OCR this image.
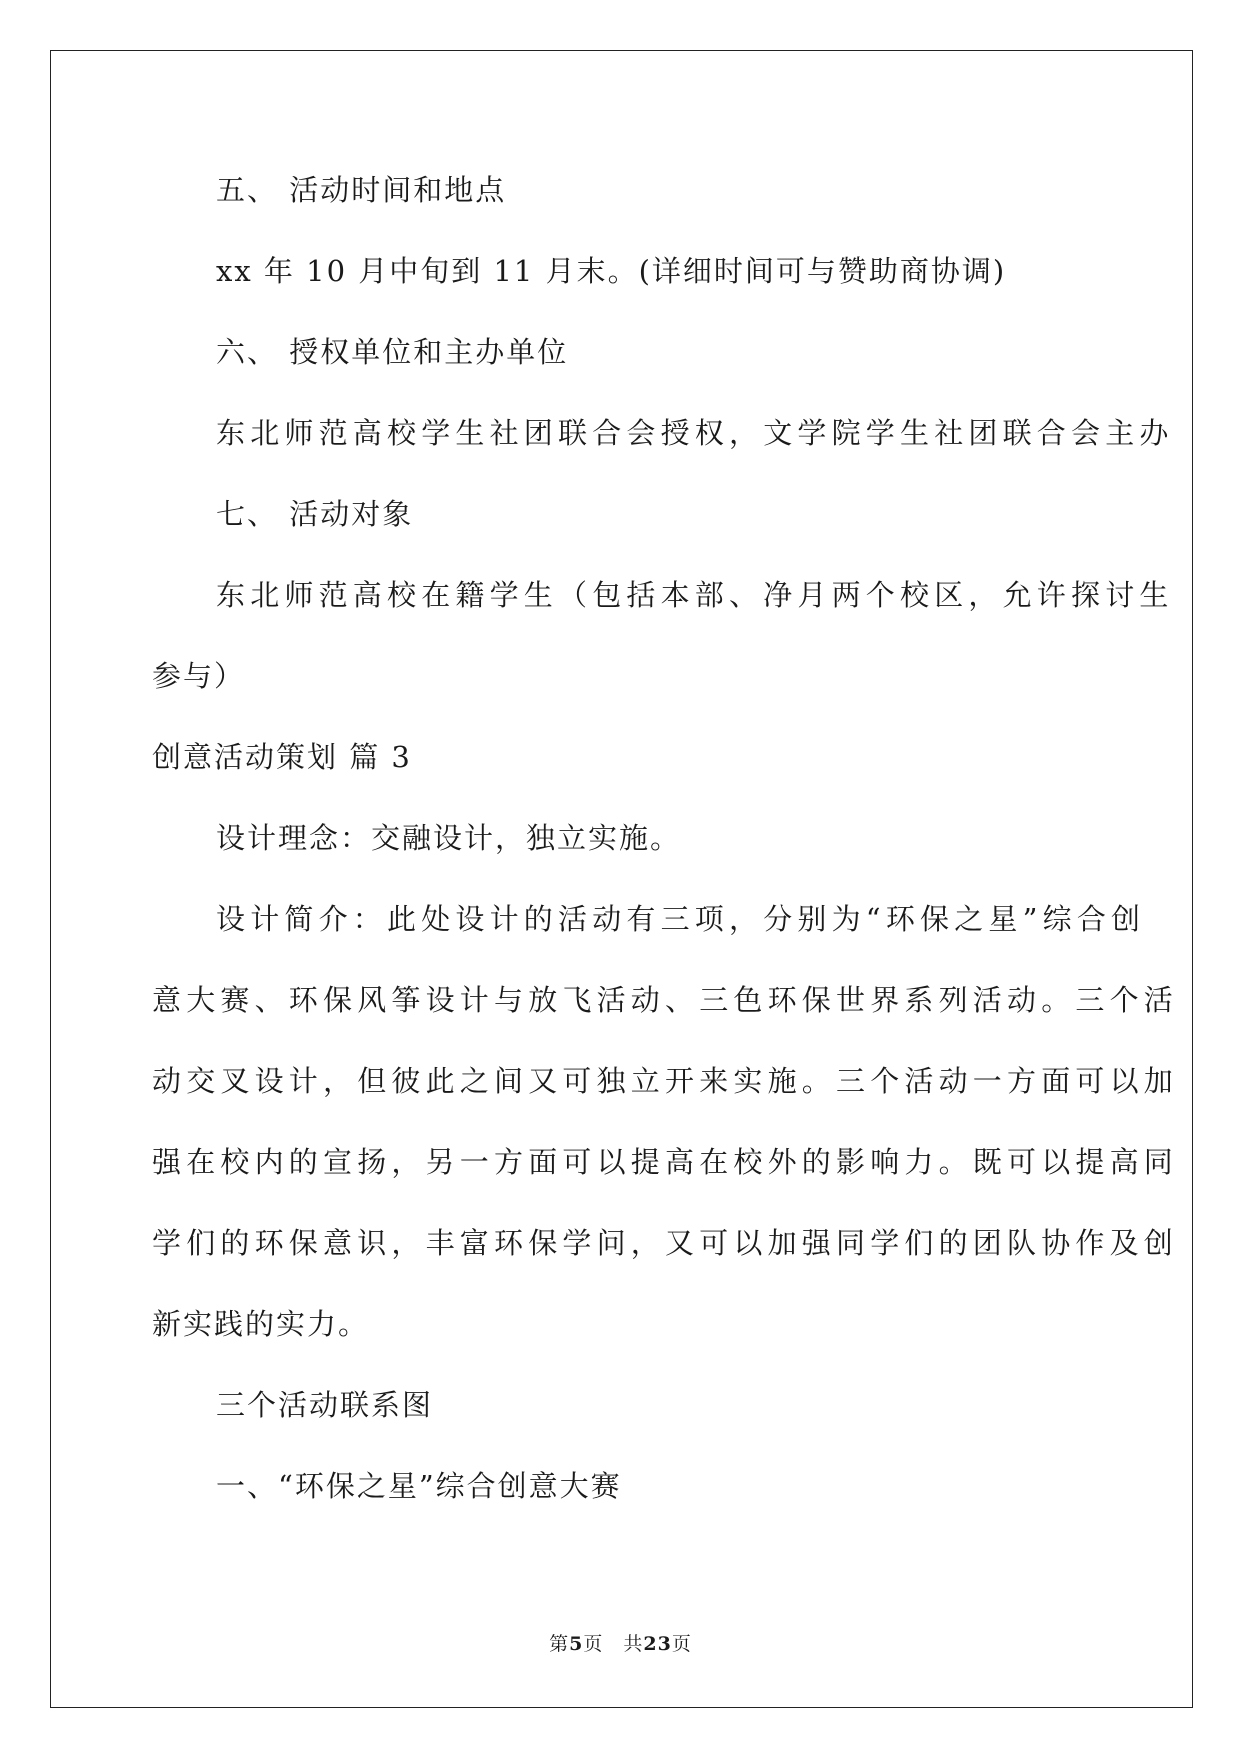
五、 活动时间和地点
xx 年 10 月中旬到 11 月末。(详细时间可与赞助商协调)
六、 授权单位和主办单位
东北师范高校学生社团联合会授权，文学院学生社团联合会主办
七、 活动对象
东北师范高校在籍学生（包括本部、净月两个校区，允许探讨生
参与）
创意活动策划 篇 3
设计理念：交融设计，独立实施。
设计简介：此处设计的活动有三项，分别为“环保之星”综合创
意大赛、环保风筝设计与放飞活动、三色环保世界系列活动。三个活
动交叉设计，但彼此之间又可独立开来实施。三个活动一方面可以加
强在校内的宣扬，另一方面可以提高在校外的影响力。既可以提高同
学们的环保意识，丰富环保学问，又可以加强同学们的团队协作及创
新实践的实力。
三个活动联系图
一、“环保之星”综合创意大赛
第5页　共23页
